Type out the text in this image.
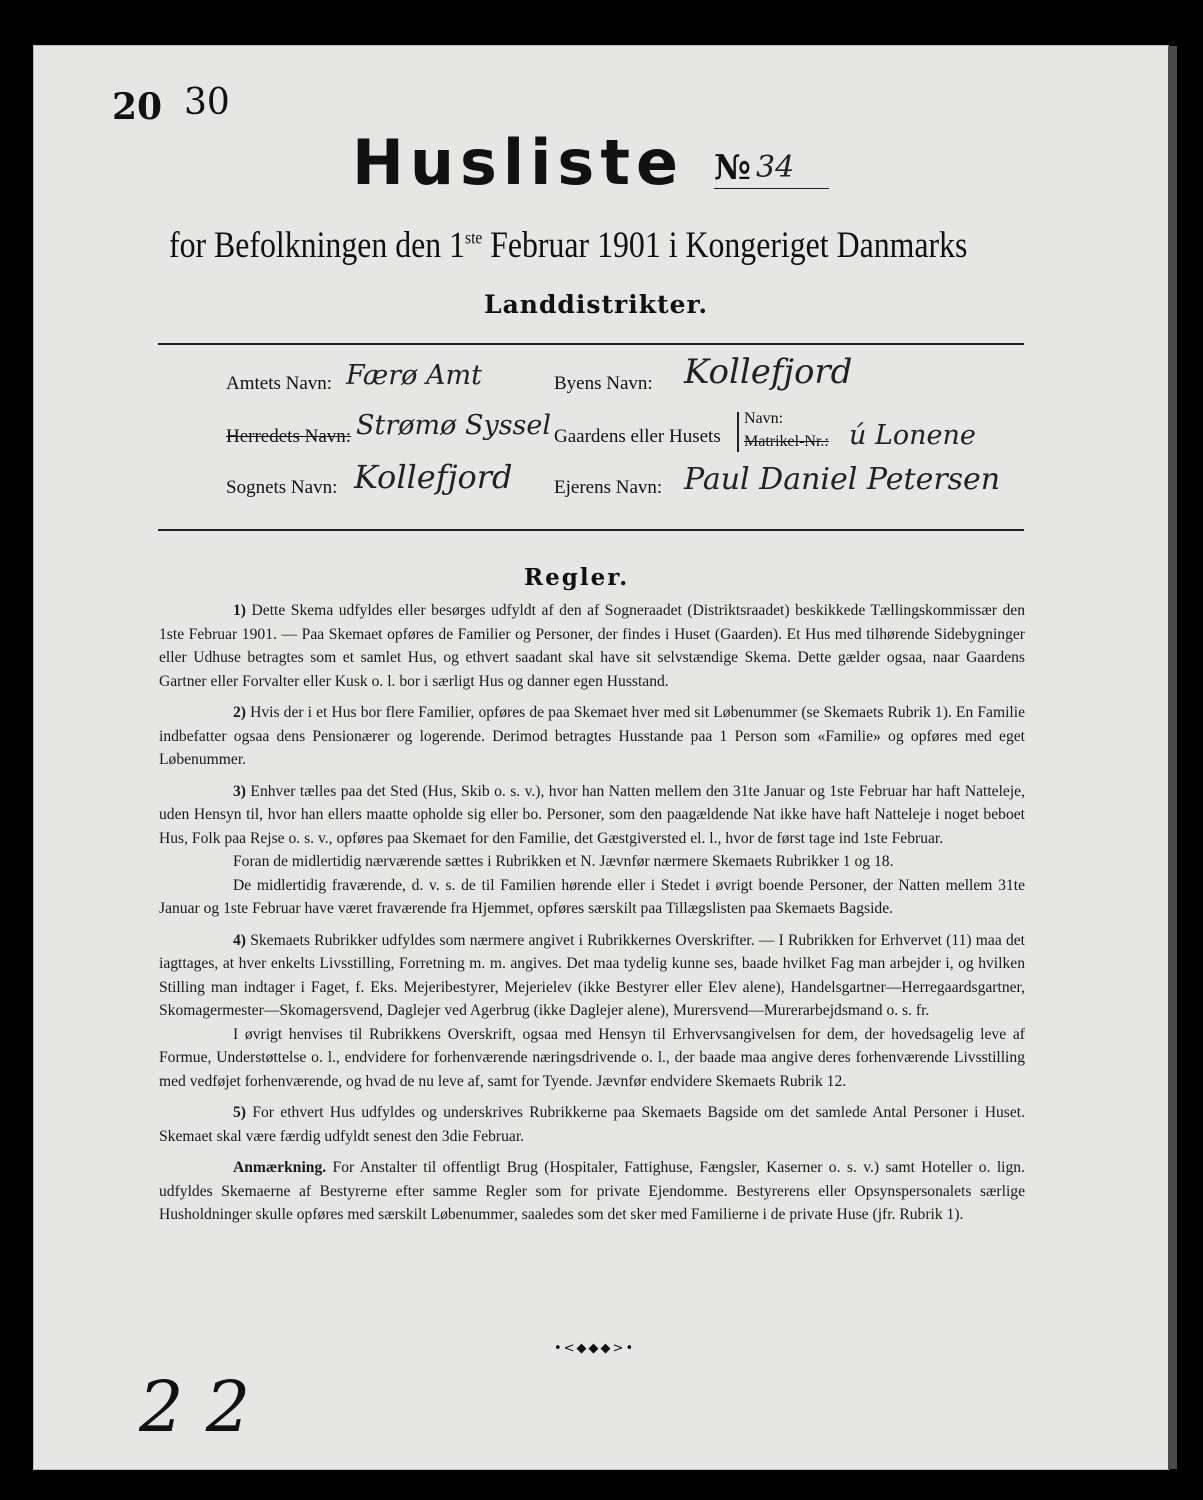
20 30
Husliste № 34
for Befolkningen den 1ste Februar 1901 i Kongeriget Danmarks
Landdistrikter.
Amtets Navn: Færø Amt	Byens Navn: Kollefjord
Herredets Navn: Strømø Syssel Gaardens eller Husets
Navn:
Matrikel-Nr.: ú Lonene
Sognets Navn: Kollefjord Ejerens Navn: Paul Daniel Petersen
Regler.

1) Dette Skema udfyldes eller besørges udfyldt af den af Sogneraadet (Distriktsraadet) beskikkede Tællingskommissær den 1ste Februar 1901. — Paa Skemaet opføres de Familier og Personer, der findes i Huset (Gaarden). Et Hus med tilhørende Sidebygninger eller Udhuse betragtes som et samlet Hus, og ethvert saadant skal have sit selvstændige Skema. Dette gælder ogsaa, naar Gaardens Gartner eller Forvalter eller Kusk o. l. bor i særligt Hus og danner egen Husstand.

2) Hvis der i et Hus bor flere Familier, opføres de paa Skemaet hver med sit Løbenummer (se Skemaets Rubrik 1). En Familie indbefatter ogsaa dens Pensionærer og logerende. Derimod betragtes Husstande paa 1 Person som «Familie» og opføres med eget Løbenummer.

3) Enhver tælles paa det Sted (Hus, Skib o. s. v.), hvor han Natten mellem den 31te Januar og 1ste Februar har haft Natteleje, uden Hensyn til, hvor han ellers maatte opholde sig eller bo. Personer, som den paagældende Nat ikke have haft Natteleje i noget beboet Hus, Folk paa Rejse o. s. v., opføres paa Skemaet for den Familie, det Gæstgiversted el. l., hvor de først tage ind 1ste Februar.

Foran de midlertidig nærværende sættes i Rubrikken et N. Jævnfør nærmere Skemaets Rubrikker 1 og 18.

De midlertidig fraværende, d. v. s. de til Familien hørende eller i Stedet i øvrigt boende Personer, der Natten mellem 31te Januar og 1ste Februar have været fraværende fra Hjemmet, opføres særskilt paa Tillægslisten paa Skemaets Bagside.

4) Skemaets Rubrikker udfyldes som nærmere angivet i Rubrikkernes Overskrifter. — I Rubrikken for Erhvervet (11) maa det iagttages, at hver enkelts Livsstilling, Forretning m. m. angives. Det maa tydelig kunne ses, baade hvilket Fag man arbejder i, og hvilken Stilling man indtager i Faget, f. Eks. Mejeribestyrer, Mejerielev (ikke Bestyrer eller Elev alene), Handelsgartner—Herregaardsgartner, Skomagermester—Skomagersvend, Daglejer ved Agerbrug (ikke Daglejer alene), Murersvend—Murerarbejdsmand o. s. fr.

I øvrigt henvises til Rubrikkens Overskrift, ogsaa med Hensyn til Erhvervsangivelsen for dem, der hovedsagelig leve af Formue, Understøttelse o. l., endvidere for forhenværende næringsdrivende o. l., der baade maa angive deres forhenværende Livsstilling med vedføjet forhenværende, og hvad de nu leve af, samt for Tyende. Jævnfør endvidere Skemaets Rubrik 12.

5) For ethvert Hus udfyldes og underskrives Rubrikkerne paa Skemaets Bagside om det samlede Antal Personer i Huset. Skemaet skal være færdig udfyldt senest den 3die Februar.

Anmærkning. For Anstalter til offentligt Brug (Hospitaler, Fattighuse, Fængsler, Kaserner o. s. v.) samt Hoteller o. lign. udfyldes Skemaerne af Bestyrerne efter samme Regler som for private Ejendomme. Bestyrerens eller Opsynspersonalets særlige Husholdninger skulle opføres med særskilt Løbenummer, saaledes som det sker med Familierne i de private Huse (jfr. Rubrik 1).

•<◆◆◆>•
2 2
